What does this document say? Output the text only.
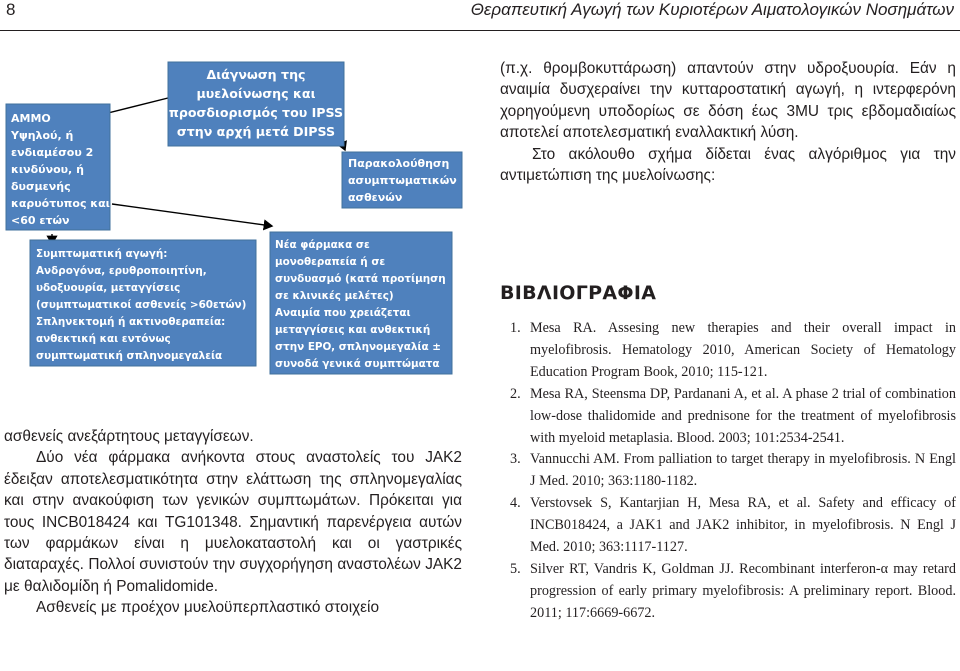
8	Θεραπευτική Αγωγή των Κυριοτέρων Αιματολογικών Νοσημάτων
Διάγνωση της
μυελοίνωσης και
προσδιορισμός του IPSS
στην αρχή μετά DIPSS
ΑΜΜΟ
Υψηλού, ή
ενδιαμέσου 2
κινδύνου, ή
δυσμενής
καρυότυπος και
<60 ετών
Παρακολούθηση
ασυμπτωματικών
ασθενών
Συμπτωματική αγωγή:
Ανδρογόνα, ερυθροποιητίνη,
υδοξυουρία, μεταγγίσεις
(συμπτωματικοί ασθενείς >60ετών)
Σπληνεκτομή ή ακτινοθεραπεία:
ανθεκτική και εντόνως
συμπτωματική σπληνομεγαλεία
Νέα φάρμακα σε
μονοθεραπεία ή σε
συνδυασμό (κατά προτίμηση
σε κλινικές μελέτες)
Αναιμία που χρειάζεται
μεταγγίσεις και ανθεκτική
στην EPO, σπληνομεγαλία ±
συνοδά γενικά συμπτώματα

ασθενείς ανεξάρτητους μεταγγίσεων.

Δύο νέα φάρμακα ανήκοντα στους αναστολείς του JAK2 έδειξαν αποτελεσματικότητα στην ελάττωση της σπληνομεγαλίας και στην ανακούφιση των γενικών συμπτωμάτων. Πρόκειται για τους INCB018424 και TG101348. Σημαντική παρενέργεια αυτών των φαρμάκων είναι η μυελοκαταστολή και οι γαστρικές διαταραχές. Πολλοί συνιστούν την συγχορήγηση αναστολέων JAK2 με θαλιδομίδη ή Pomalidomide.

Ασθενείς με προέχον μυελοϋπερπλαστικό στοιχείο

(π.χ. θρομβοκυττάρωση) απαντούν στην υδροξυουρία. Εάν η αναιμία δυσχεραίνει την κυτταροστατική αγωγή, η ιντερφερόνη χορηγούμενη υποδορίως σε δόση έως 3MU τρις εβδομαδιαίως αποτελεί αποτελεσματική εναλλακτική λύση.

Στο ακόλουθο σχήμα δίδεται ένας αλγόριθμος για την αντιμετώπιση της μυελοίνωσης:

ΒΙΒΛΙΟΓΡΑΦΙΑ
1. Mesa RA. Assesing new therapies and their overall impact in myelofibrosis. Hematology 2010, American Society of Hematology Education Program Book, 2010; 115-121.
2. Mesa RA, Steensma DP, Pardanani A, et al. A phase 2 trial of combination low-dose thalidomide and prednisone for the treatment of myelofibrosis with myeloid metaplasia. Blood. 2003; 101:2534-2541.
3. Vannucchi AM. From palliation to target therapy in myelofibrosis. N Engl J Med. 2010; 363:1180-1182.
4. Verstovsek S, Kantarjian H, Mesa RA, et al. Safety and efficacy of INCB018424, a JAK1 and JAK2 inhibitor, in myelofibrosis. N Engl J Med. 2010; 363:1117-1127.
5. Silver RT, Vandris K, Goldman JJ. Recombinant interferon-α may retard progression of early primary myelofibrosis: A preliminary report. Blood. 2011; 117:6669-6672.
